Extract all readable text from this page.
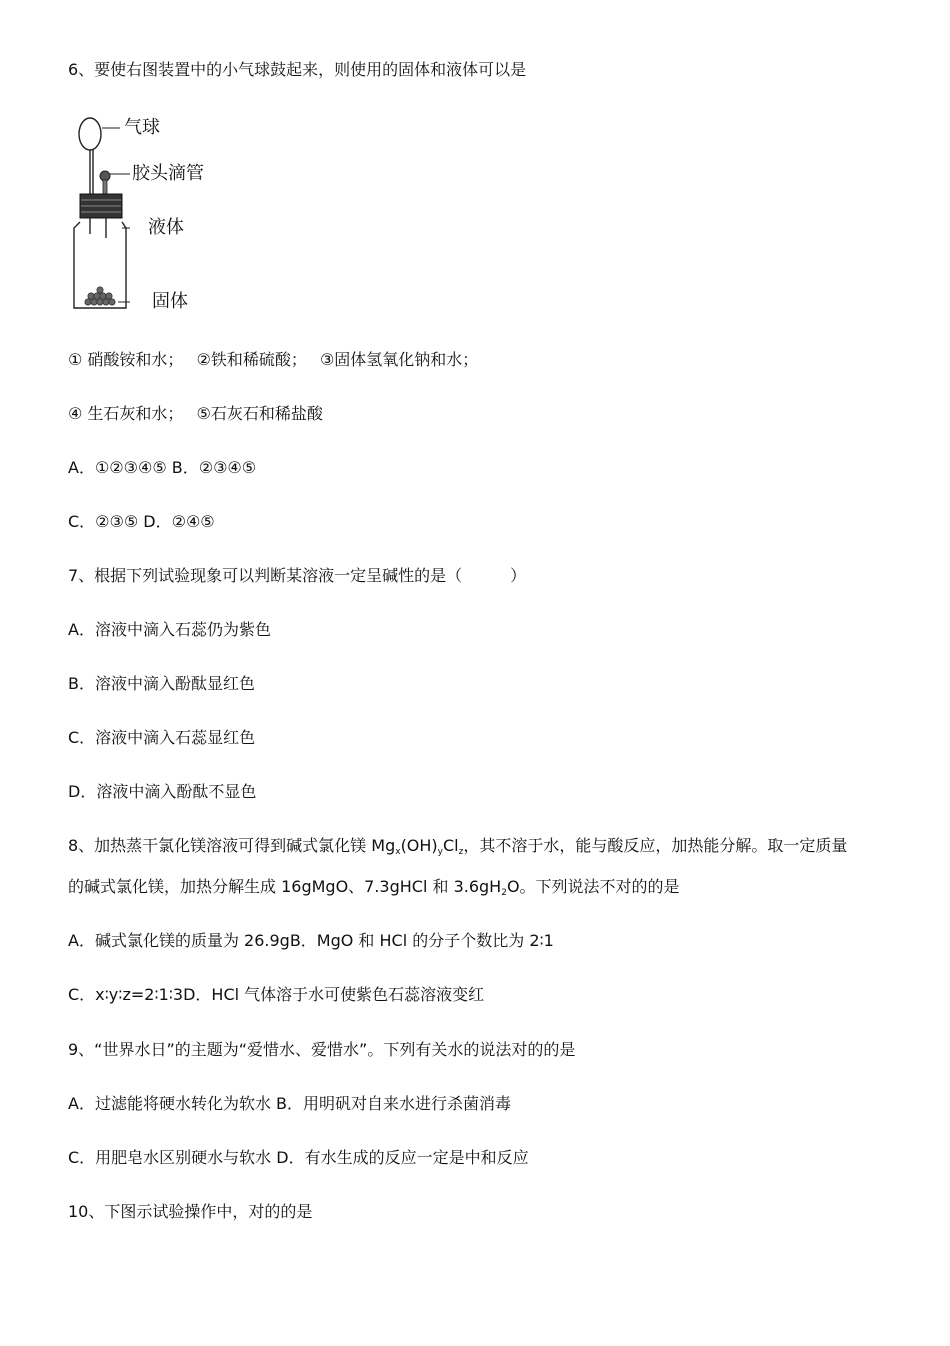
6、要使右图装置中的小气球鼓起来，则使用的固体和液体可以是
气球
胶头滴管
液体
固体
① 硝酸铵和水；　 ②铁和稀硫酸；　 ③固体氢氧化钠和水；
④ 生石灰和水；　 ⑤石灰石和稀盐酸
A．①②③④⑤ B．②③④⑤
C．②③⑤ D．②④⑤
7、根据下列试验现象可以判断某溶液一定呈碱性的是（　　　）
A．溶液中滴入石蕊仍为紫色
B．溶液中滴入酚酞显红色
C．溶液中滴入石蕊显红色
D．溶液中滴入酚酞不显色
8、加热蒸干氯化镁溶液可得到碱式氯化镁 $Mg_x(OH)_yCl_z$，其不溶于水，能与酸反应，加热能分解。取一定质量
的碱式氯化镁，加热分解生成 16gMgO、7.3gHCl 和 $3.6gH_2O$。下列说法不对的的是
A．碱式氯化镁的质量为 26.9gB．MgO 和 HCl 的分子个数比为 2∶1
C．x∶y∶z=2∶1∶3D．HCl 气体溶于水可使紫色石蕊溶液变红
9、“世界水日”的主题为“爱惜水、爱惜水”。下列有关水的说法对的的是
A．过滤能将硬水转化为软水 B．用明矾对自来水进行杀菌消毒
C．用肥皂水区别硬水与软水 D．有水生成的反应一定是中和反应
10、下图示试验操作中，对的的是
